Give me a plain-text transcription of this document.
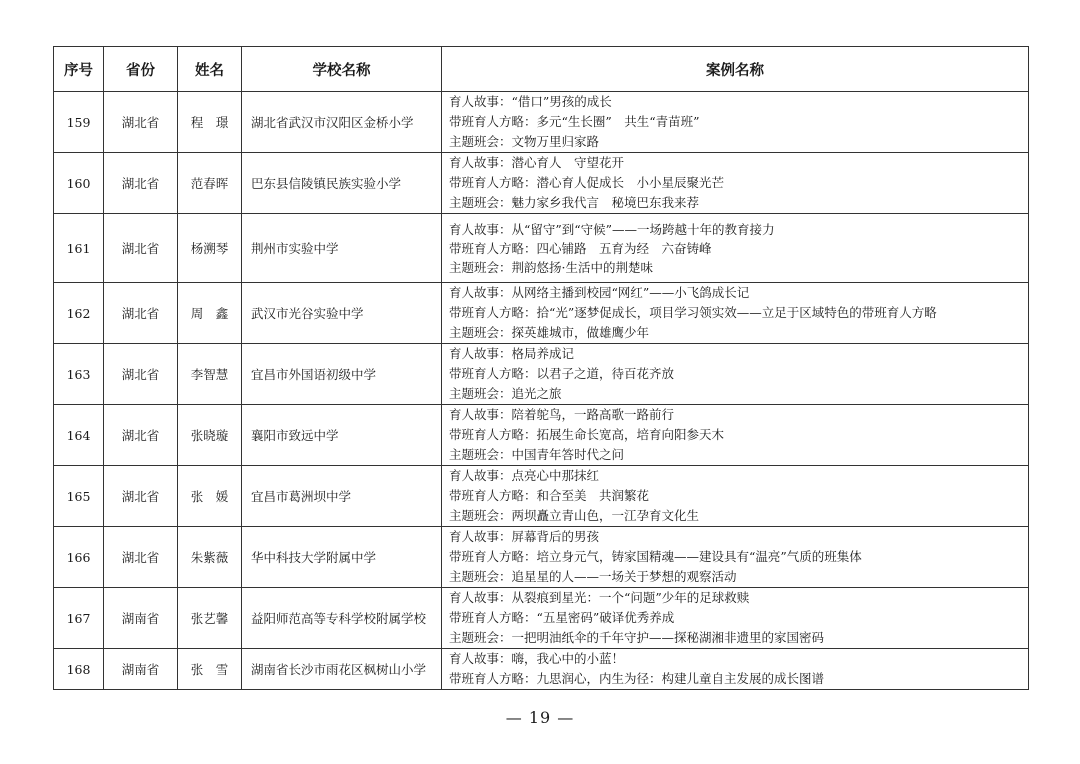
序号	省份	姓名	学校名称	案例名称
159	湖北省	程　璟	湖北省武汉市汉阳区金桥小学	育人故事：“借口”男孩的成长
带班育人方略：多元“生长圈”　共生“青苗班”
主题班会：文物万里归家路

160	湖北省	范春晖	巴东县信陵镇民族实验小学	育人故事：潜心育人　守望花开
带班育人方略：潜心育人促成长　小小星辰聚光芒
主题班会：魅力家乡我代言　秘境巴东我来荐

161	湖北省	杨溯琴	荆州市实验中学	育人故事：从“留守”到“守候”——一场跨越十年的教育接力
带班育人方略：四心铺路　五育为经　六奋铸峰
主题班会：荆韵悠扬·生活中的荆楚味

162	湖北省	周　鑫	武汉市光谷实验中学	育人故事：从网络主播到校园“网红”——小飞鸽成长记
带班育人方略：拾“光”逐梦促成长，项目学习领实效——立足于区域特色的带班育人方略
主题班会：探英雄城市，做雄鹰少年

163	湖北省	李智慧	宜昌市外国语初级中学	育人故事：格局养成记
带班育人方略：以君子之道，待百花齐放
主题班会：追光之旅

164	湖北省	张晓璇	襄阳市致远中学	育人故事：陪着鸵鸟，一路高歌一路前行
带班育人方略：拓展生命长宽高，培育向阳参天木
主题班会：中国青年答时代之问

165	湖北省	张　媛	宜昌市葛洲坝中学	育人故事：点亮心中那抹红
带班育人方略：和合至美　共润繁花
主题班会：两坝矗立青山色，一江孕育文化生

166	湖北省	朱紫薇	华中科技大学附属中学	育人故事：屏幕背后的男孩
带班育人方略：培立身元气，铸家国精魂——建设具有“温亮”气质的班集体
主题班会：追星星的人——一场关于梦想的观察活动

167	湖南省	张艺馨	益阳师范高等专科学校附属学校	育人故事：从裂痕到星光：一个“问题”少年的足球救赎
带班育人方略：“五星密码”破译优秀养成
主题班会：一把明油纸伞的千年守护——探秘湖湘非遗里的家国密码

168	湖南省	张　雪	湖南省长沙市雨花区枫树山小学	育人故事：嗨，我心中的小蓝！
带班育人方略：九思润心，内生为径：构建儿童自主发展的成长图谱
— 19 —
